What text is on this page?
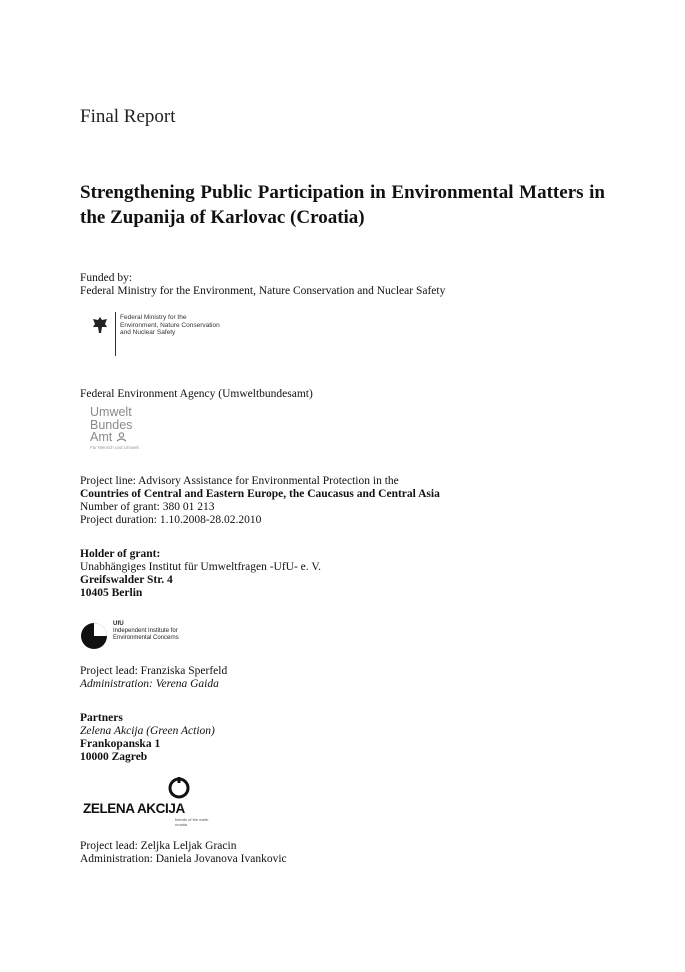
Final Report
Strengthening Public Participation in Environmental Matters in the Zupanija of Karlovac (Croatia)
Funded by:
Federal Ministry for the Environment, Nature Conservation and Nuclear Safety
Federal Ministry for the
Environment, Nature Conservation
and Nuclear Safety
Federal Environment Agency (Umweltbundesamt)
Umwelt
Bundes
Amt
Für Mensch und Umwelt
Project line: Advisory Assistance for Environmental Protection in the
Countries of Central and Eastern Europe, the Caucasus and Central Asia
Number of grant: 380 01 213
Project duration: 1.10.2008-28.02.2010
Holder of grant:
Unabhängiges Institut für Umweltfragen -UfU- e. V.
Greifswalder Str. 4
10405 Berlin
UfU
Independent Institute for
Environmental Concerns
Project lead: Franziska Sperfeld
Administration: Verena Gaida
Partners
Zelena Akcija (Green Action)
Frankopanska 1
10000 Zagreb
ZELENA AKCIJA
friends of the earth croatia
Project lead: Zeljka Leljak Gracin
Administration: Daniela Jovanova Ivankovic
